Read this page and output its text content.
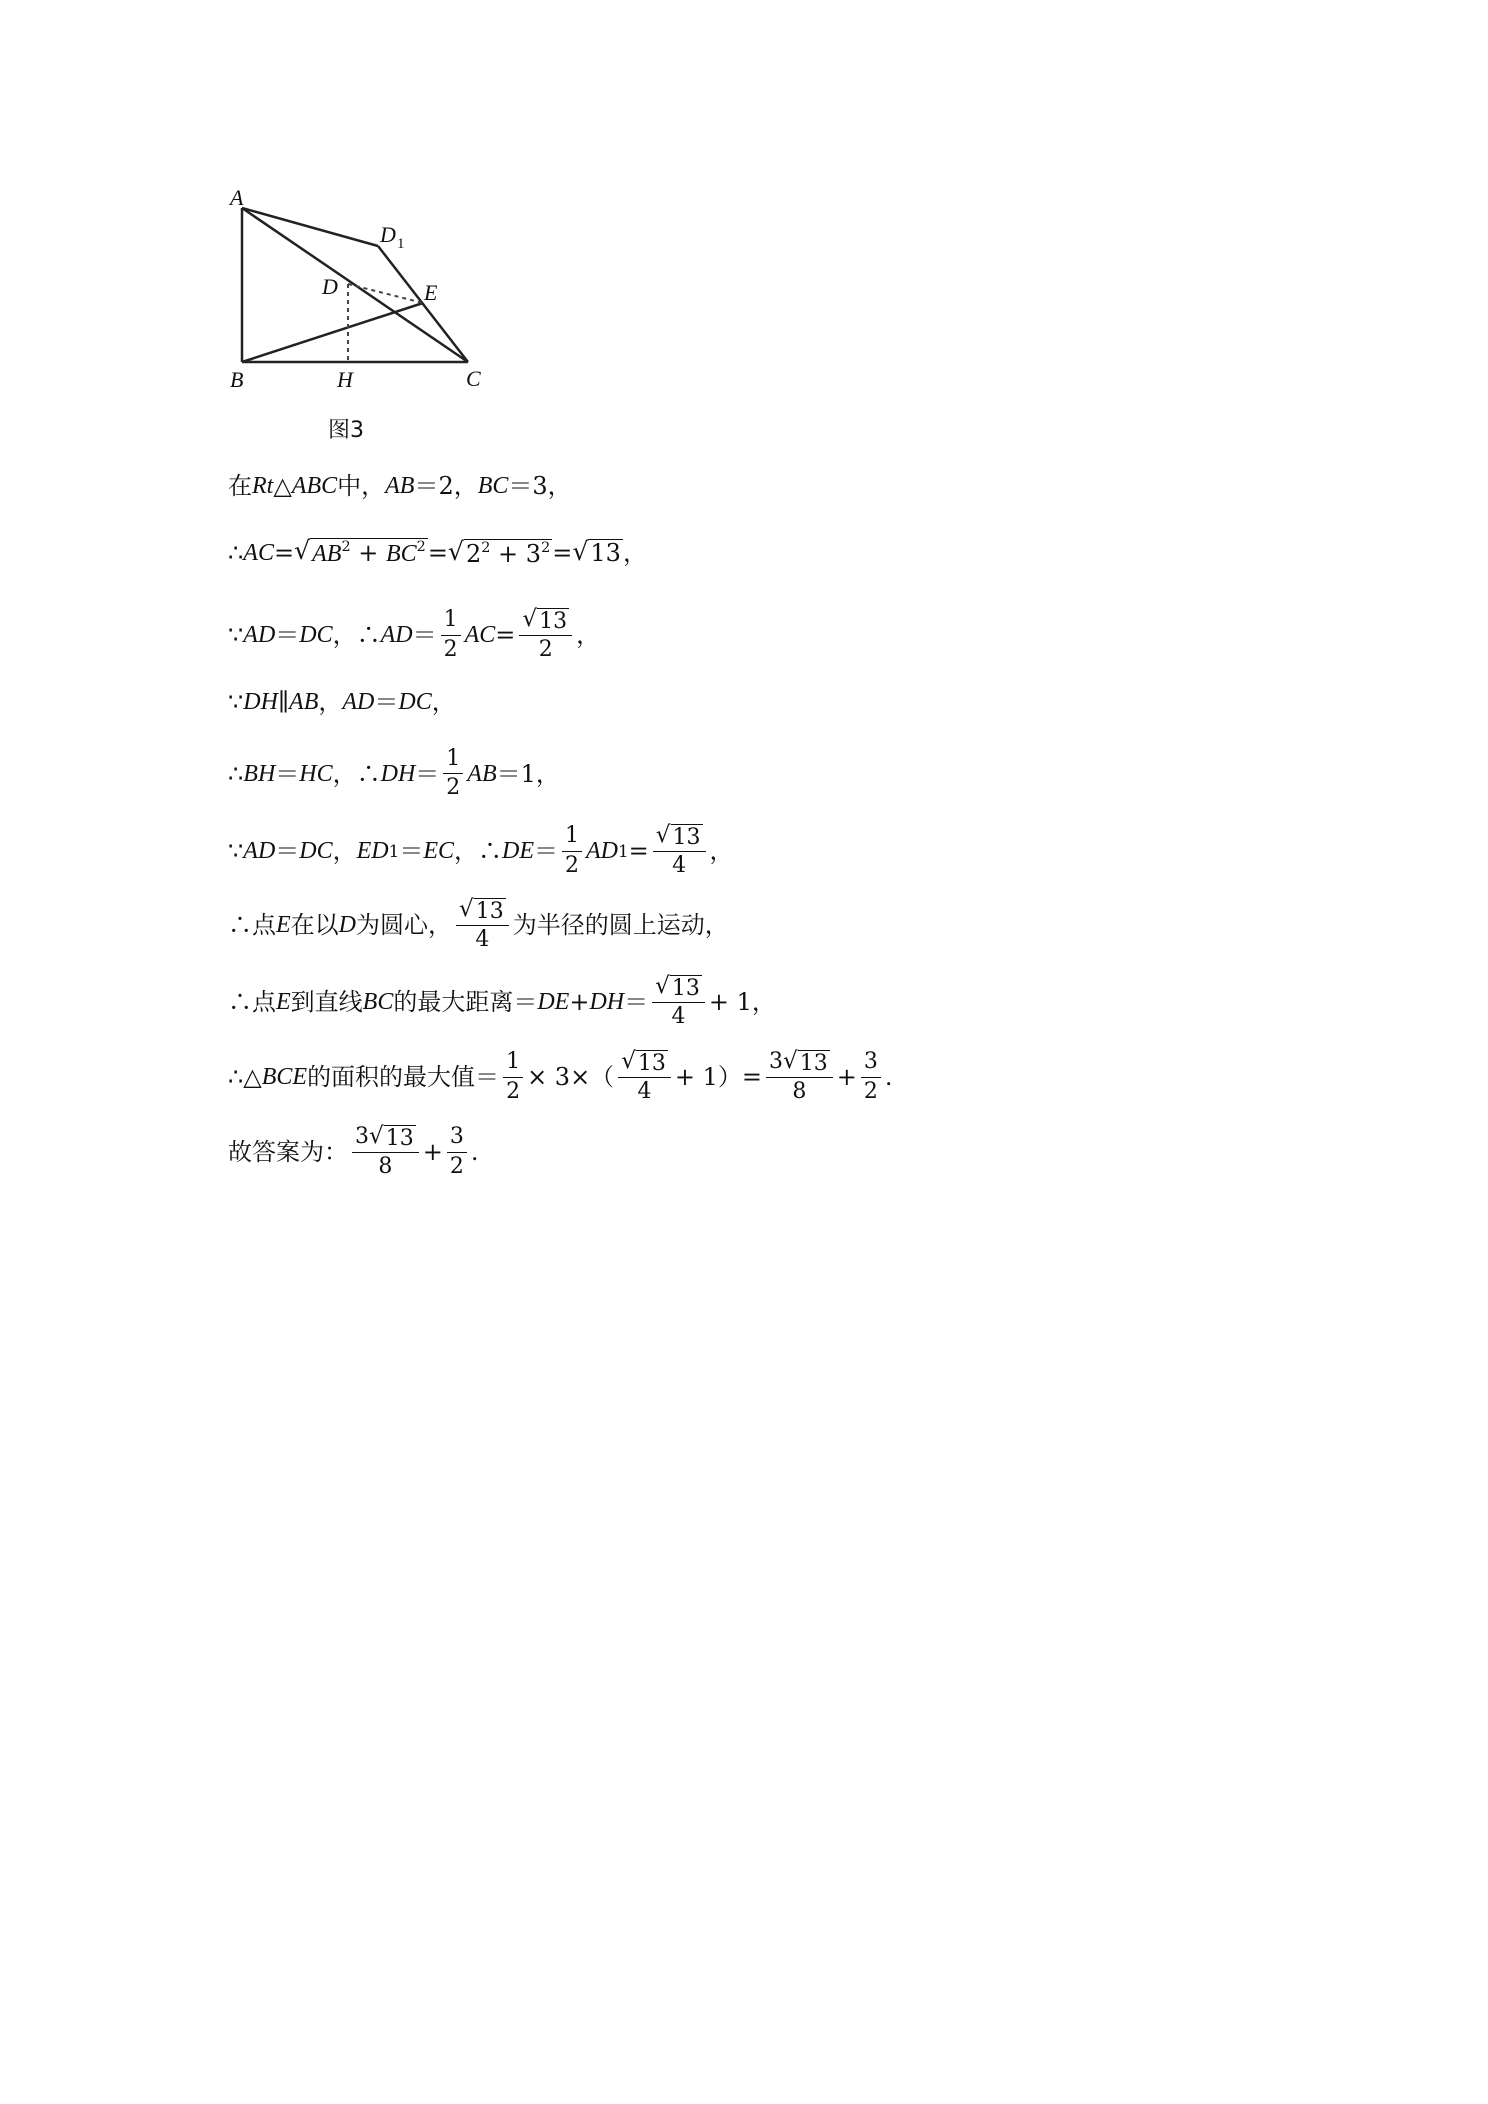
A
B	C
D
D 1
E
H
图3
在 Rt △ ABC 中， AB ＝2， BC ＝3，
∴ AC = √ $AB^2 + BC^2$ = √ $2^2 + 3^2$ = √ 13 ，
∵ AD ＝ DC ，∴ AD ＝ $\frac{1}{2}$ AC = $\frac{√ 13}{2}$ ，
∵ DH ∥ AB ， AD ＝ DC ，
∴ BH ＝ HC ，∴ DH ＝ $\frac{1}{2}$ AB ＝1，
∵ AD ＝ DC ， ED 1 ＝ EC ，∴ DE ＝ $\frac{1}{2}$ AD $1 = \frac{√ 13}{4}$ ，
∴点 E 在以 D 为圆心， $\frac{√ 13}{4}$ 为半径的圆上运动，
∴点 E 到直线 BC 的最大距离＝ DE + DH ＝ $\frac{√ 13}{4} + 1$，
∴△ BCE 的面积的最大值＝ $\frac{1}{2} \times 3\times( \frac{√ 13}{4} + 1) = \frac{3 √ 13}{8} + \frac{3}{2}$ .
故答案为： $\frac{3 √ 13}{8} + \frac{3}{2}$ .
